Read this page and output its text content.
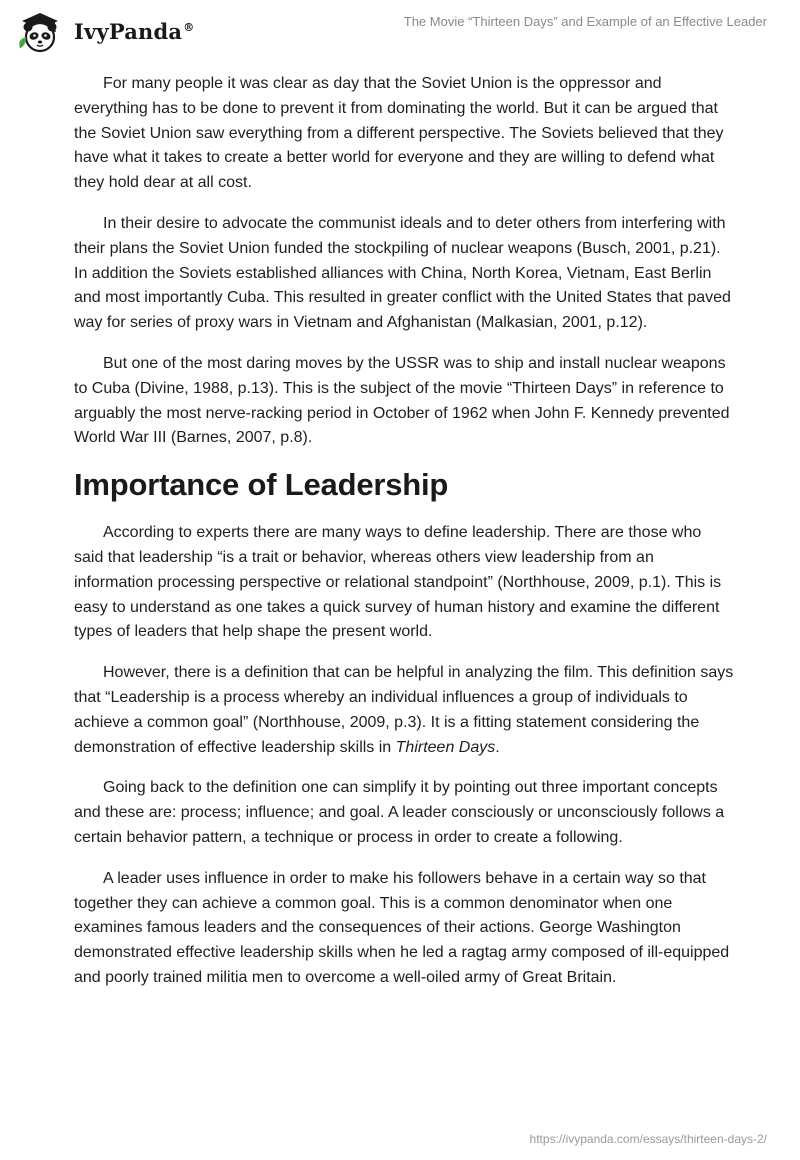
IvyPanda®	The Movie “Thirteen Days” and Example of an Effective Leader

For many people it was clear as day that the Soviet Union is the oppressor and everything has to be done to prevent it from dominating the world. But it can be argued that the Soviet Union saw everything from a different perspective. The Soviets believed that they have what it takes to create a better world for everyone and they are willing to defend what they hold dear at all cost.

In their desire to advocate the communist ideals and to deter others from interfering with their plans the Soviet Union funded the stockpiling of nuclear weapons (Busch, 2001, p.21). In addition the Soviets established alliances with China, North Korea, Vietnam, East Berlin and most importantly Cuba. This resulted in greater conflict with the United States that paved way for series of proxy wars in Vietnam and Afghanistan (Malkasian, 2001, p.12).

But one of the most daring moves by the USSR was to ship and install nuclear weapons to Cuba (Divine, 1988, p.13). This is the subject of the movie “Thirteen Days” in reference to arguably the most nerve-racking period in October of 1962 when John F. Kennedy prevented World War III (Barnes, 2007, p.8).

Importance of Leadership

According to experts there are many ways to define leadership. There are those who said that leadership “is a trait or behavior, whereas others view leadership from an information processing perspective or relational standpoint” (Northhouse, 2009, p.1). This is easy to understand as one takes a quick survey of human history and examine the different types of leaders that help shape the present world.

However, there is a definition that can be helpful in analyzing the film. This definition says that “Leadership is a process whereby an individual influences a group of individuals to achieve a common goal” (Northhouse, 2009, p.3). It is a fitting statement considering the demonstration of effective leadership skills in Thirteen Days.

Going back to the definition one can simplify it by pointing out three important concepts and these are: process; influence; and goal. A leader consciously or unconsciously follows a certain behavior pattern, a technique or process in order to create a following.

A leader uses influence in order to make his followers behave in a certain way so that together they can achieve a common goal. This is a common denominator when one examines famous leaders and the consequences of their actions. George Washington demonstrated effective leadership skills when he led a ragtag army composed of ill-equipped and poorly trained militia men to overcome a well-oiled army of Great Britain.

https://ivypanda.com/essays/thirteen-days-2/
